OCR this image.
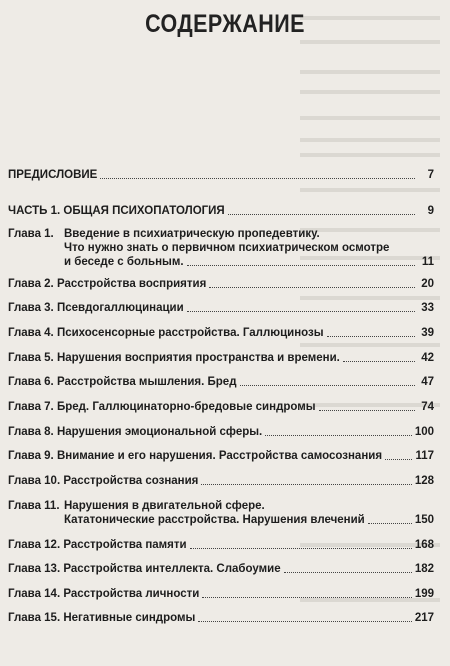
СОДЕРЖАНИЕ
ПРЕДИСЛОВИЕ	7
ЧАСТЬ 1. ОБЩАЯ ПСИХОПАТОЛОГИЯ	9
Глава 1. Введение в психиатрическую пропедевтику.
Что нужно знать о первичном психиатрическом осмотре
и беседе с больным.	11
Глава 2. Расстройства восприятия	20
Глава 3. Псевдогаллюцинации	33
Глава 4. Психосенсорные расстройства. Галлюцинозы	39
Глава 5. Нарушения восприятия пространства и времени.	42
Глава 6. Расстройства мышления. Бред	47
Глава 7. Бред. Галлюцинаторно-бредовые синдромы	74
Глава 8. Нарушения эмоциональной сферы.	100
Глава 9. Внимание и его нарушения. Расстройства самосознания	117
Глава 10. Расстройства сознания	128
Глава 11. Нарушения в двигательной сфере.
Кататонические расстройства. Нарушения влечений	150
Глава 12. Расстройства памяти	168
Глава 13. Расстройства интеллекта. Слабоумие	182
Глава 14. Расстройства личности	199
Глава 15. Негативные синдромы	217
